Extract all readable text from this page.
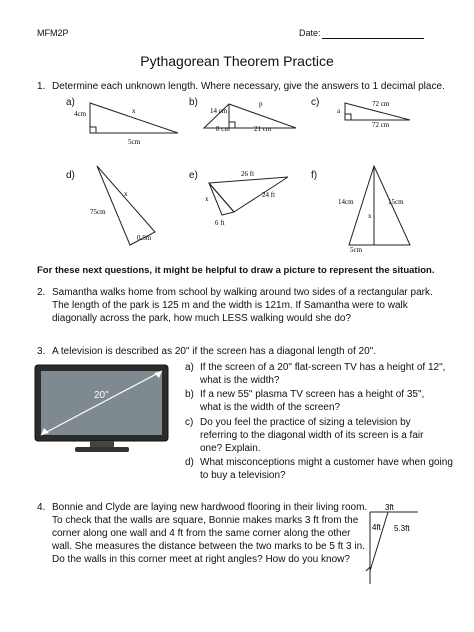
MFM2P	Date:
Pythagorean Theorem Practice
1. Determine each unknown length. Where necessary, give the answers to 1 decimal place.
a)	b)	c)
d)	e)	f)
4cm
5cm
x	14 cm
8 cm	21 cm
p
a
72 cm
72 cm
75cm
x
0.5m
26 ft
24 ft
x
6 ft
14cm	15cm
x
5cm
3ft
4ft 5.3ft
For these next questions, it might be helpful to draw a picture to represent the situation.
2. Samantha walks home from school by walking around two sides of a rectangular park.
The length of the park is 125 m and the width is 121m. If Samantha were to walk
diagonally across the park, how much LESS walking would she do?
3. A television is described as 20" if the screen has a diagonal length of 20".
20"
a) If the screen of a 20" flat-screen TV has a height of 12",
what is the width?
b) If a new 55" plasma TV screen has a height of 35",
what is the width of the screen?
c) Do you feel the practice of sizing a television by
referring to the diagonal width of its screen is a fair
one? Explain.
d) What misconceptions might a customer have when going
to buy a television?
4. Bonnie and Clyde are laying new hardwood flooring in their living room.
To check that the walls are square, Bonnie makes marks 3 ft from the
corner along one wall and 4 ft from the same corner along the other
wall. She measures the distance between the two marks to be 5 ft 3 in.
Do the walls in this corner meet at right angles? How do you know?
